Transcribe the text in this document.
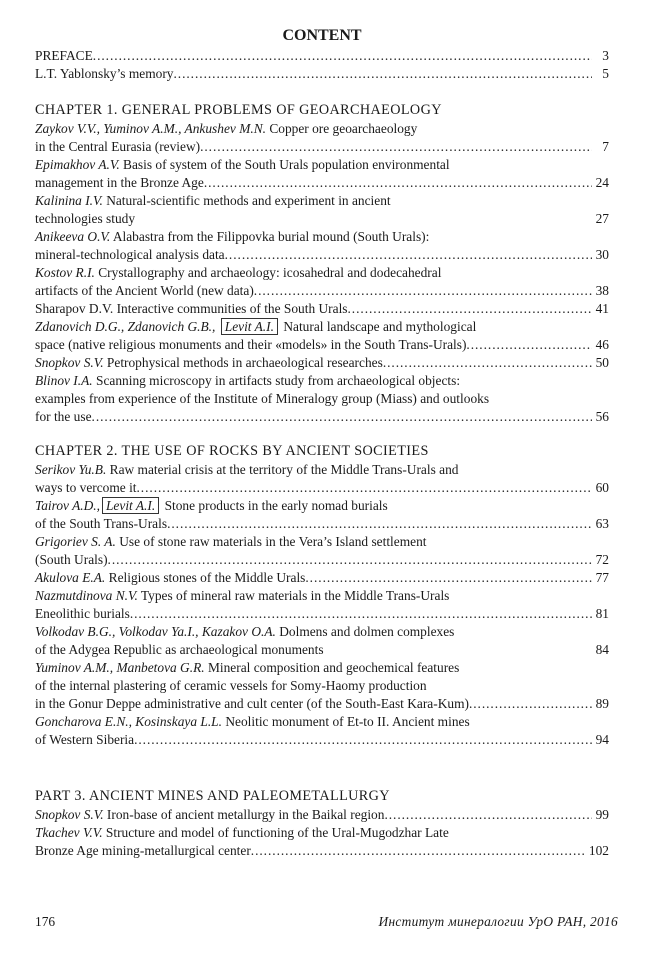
CONTENT
PREFACE . . .	3
L.T. Yablonsky’s memory . . .	5
CHAPTER 1. GENERAL PROBLEMS OF GEOARCHAEOLOGY
Zaykov V.V., Yuminov A.M., Ankushev M.N. Copper ore geoarchaeology
in the Central Eurasia (review) . . .	7
Epimakhov A.V. Basis of system of the South Urals population environmental
management in the Bronze Age . . .	24
Kalinina I.V. Natural-scientific methods and experiment in ancient
technologies study	27
Anikeeva O.V. Alabastra from the Filippovka burial mound (South Urals):
mineral-technological analysis data . . .	30
Kostov R.I. Crystallography and archaeology: icosahedral and dodecahedral
artifacts of the Ancient World (new data) . . .	38
Sharapov D.V. Interactive communities of the South Urals . . .	41
Zdanovich D.G., Zdanovich G.B., Levit A.I. Natural landscape and mythological
space (native religious monuments and their «models» in the South Trans-Urals) . . .	46
Snopkov S.V. Petrophysical methods in archaeological researches . . .	50
Blinov I.A. Scanning microscopy in artifacts study from archaeological objects:
examples from experience of the Institute of Mineralogy group (Miass) and outlooks
for the use . . .	56
CHAPTER 2. THE USE OF ROCKS BY ANCIENT SOCIETIES
Serikov Yu.B. Raw material crisis at the territory of the Middle Trans-Urals and
ways to vercome it . . .	60
Tairov A.D., Levit A.I. Stone products in the early nomad burials
of the South Trans-Urals . . .	63
Grigoriev S. A. Use of stone raw materials in the Vera’s Island settlement
(South Urals) . . .	72
Akulova E.A. Religious stones of the Middle Urals . . .	77
Nazmutdinova N.V. Types of mineral raw materials in the Middle Trans-Urals
Eneolithic burials . . .	81
Volkodav B.G., Volkodav Ya.I., Kazakov O.A. Dolmens and dolmen complexes
of the Adygea Republic as archaeological monuments	84
Yuminov A.M., Manbetova G.R. Mineral composition and geochemical features
of the internal plastering of ceramic vessels for Somy-Haomy production
in the Gonur Deppe administrative and cult center (of the South-East Kara-Kum) . . .	89
Goncharova E.N., Kosinskaya L.L. Neolitic monument of Et-to II. Ancient mines
of Western Siberia . . .	94
PART 3. ANCIENT MINES AND PALEOMETALLURGY
Snopkov S.V. Iron-base of ancient metallurgy in the Baikal region . . .	99
Tkachev V.V. Structure and model of functioning of the Ural-Mugodzhar Late
Bronze Age mining-metallurgical center . . .	102
176	Институт минералогии УрО РАН, 2016
